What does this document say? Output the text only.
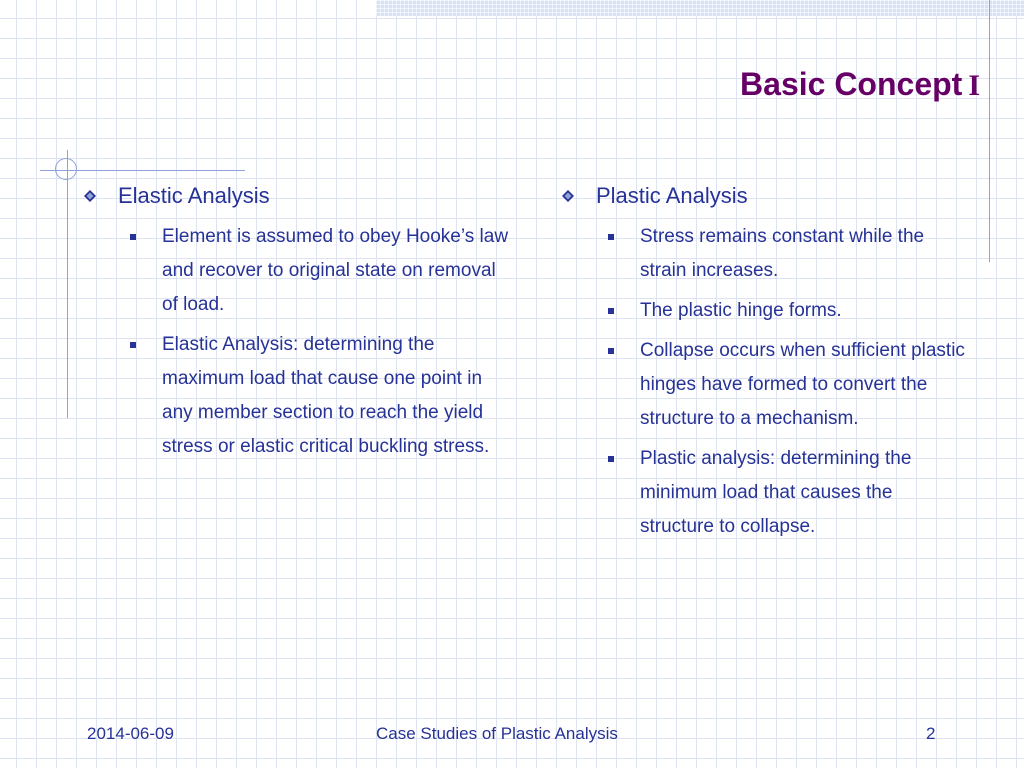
Basic Concept I
Elastic Analysis
Element is assumed to obey Hooke’s law and recover to original state on removal of load.
Elastic Analysis: determining the maximum load that cause one point in any member section to reach the yield stress or elastic critical buckling stress.
Plastic Analysis
Stress remains constant while the strain increases.
The plastic hinge forms.
Collapse occurs when sufficient plastic hinges have formed to convert the structure to a mechanism.
Plastic analysis: determining the minimum load that causes the structure to collapse.
2014-06-09	Case Studies of Plastic Analysis	2
